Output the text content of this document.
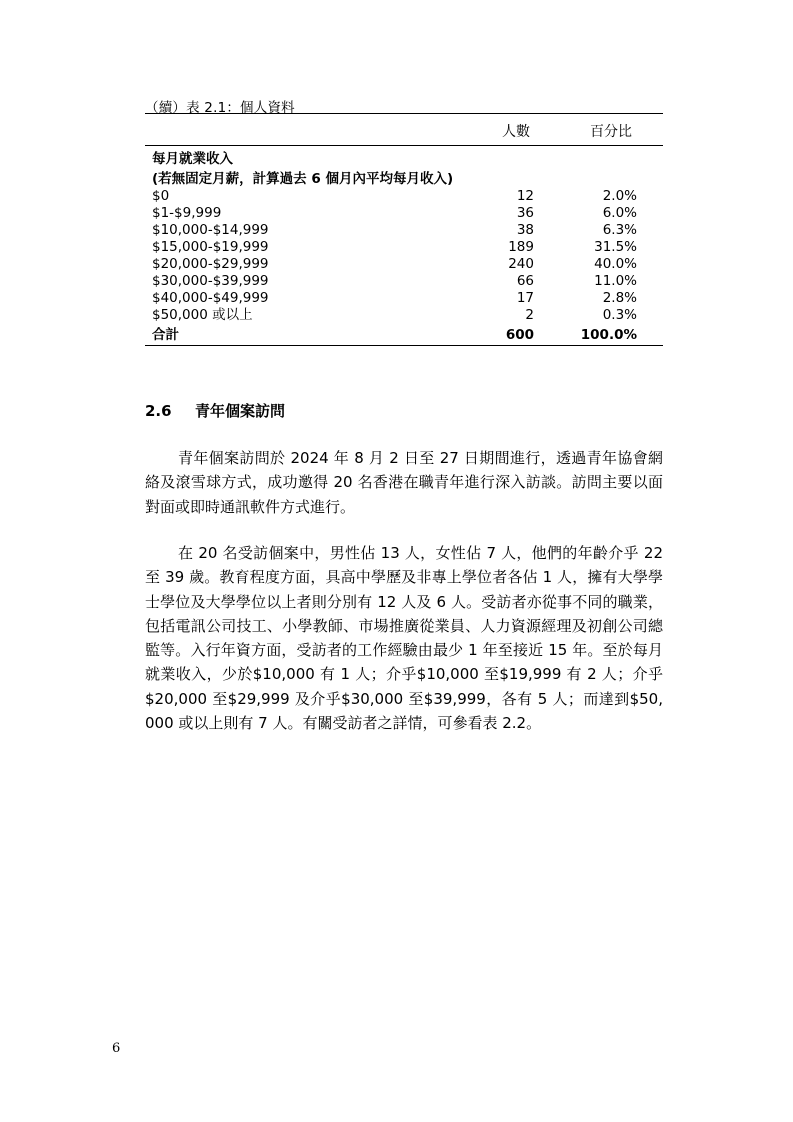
（續）表 2.1：個人資料
人數	百分比
每月就業收入
(若無固定月薪，計算過去 6 個月內平均每月收入)
$0	12	2.0%
$1-$9,999	36	6.0%
$10,000-$14,999	38	6.3%
$15,000-$19,999	189	31.5%
$20,000-$29,999	240	40.0%
$30,000-$39,999	66	11.0%
$40,000-$49,999	17	2.8%
$50,000 或以上	2	0.3%
合計	600	100.0%
2.6 青年個案訪問

青年個案訪問於 2024 年 8 月 2 日至 27 日期間進行，透過青年協會網絡及滾雪球方式，成功邀得 20 名香港在職青年進行深入訪談。訪問主要以面對面或即時通訊軟件方式進行。

在 20 名受訪個案中，男性佔 13 人，女性佔 7 人，他們的年齡介乎 22 至 39 歲。教育程度方面，具高中學歷及非專上學位者各佔 1 人，擁有大學學士學位及大學學位以上者則分別有 12 人及 6 人。受訪者亦從事不同的職業，包括電訊公司技工、小學教師、市場推廣從業員、人力資源經理及初創公司總監等。入行年資方面，受訪者的工作經驗由最少 1 年至接近 15 年。至於每月就業收入，少於$10,000 有 1 人；介乎$10,000 至$19,999 有 2 人；介乎$20,000 至$29,999 及介乎$30,000 至$39,999，各有 5 人；而達到$50,000 或以上則有 7 人。有關受訪者之詳情，可參看表 2.2。

6
